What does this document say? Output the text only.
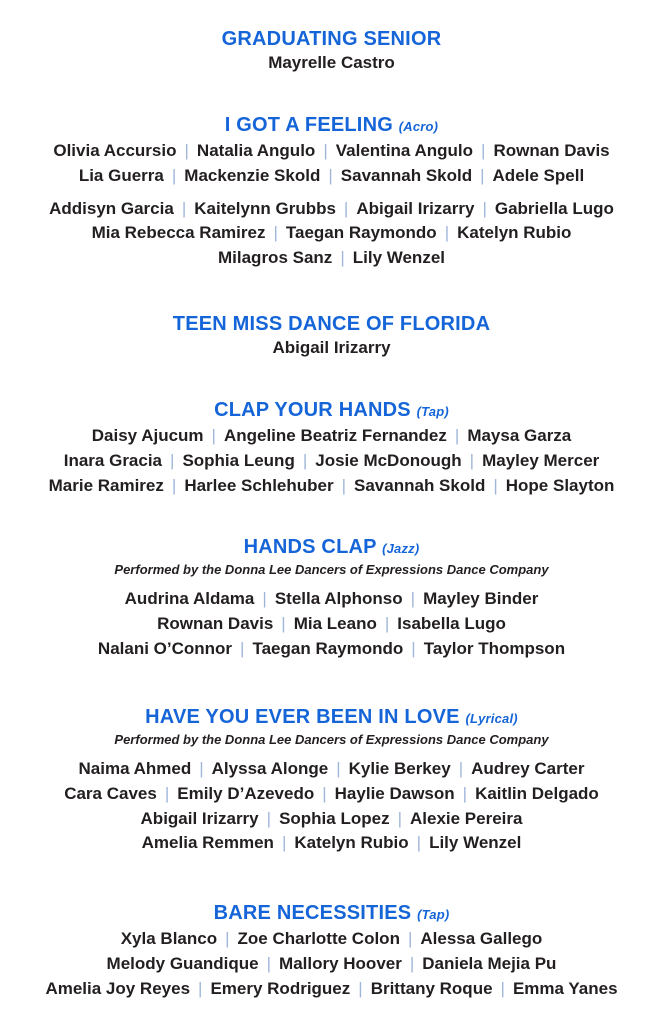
GRADUATING SENIOR
Mayrelle Castro
I GOT A FEELING (Acro)
Olivia Accursio | Natalia Angulo | Valentina Angulo | Rownan Davis
Lia Guerra | Mackenzie Skold | Savannah Skold | Adele Spell
Addisyn Garcia | Kaitelynn Grubbs | Abigail Irizarry | Gabriella Lugo
Mia Rebecca Ramirez | Taegan Raymondo | Katelyn Rubio
Milagros Sanz | Lily Wenzel
TEEN MISS DANCE OF FLORIDA
Abigail Irizarry
CLAP YOUR HANDS (Tap)
Daisy Ajucum | Angeline Beatriz Fernandez | Maysa Garza
Inara Gracia | Sophia Leung | Josie McDonough | Mayley Mercer
Marie Ramirez | Harlee Schlehuber | Savannah Skold | Hope Slayton
HANDS CLAP (Jazz)
Performed by the Donna Lee Dancers of Expressions Dance Company
Audrina Aldama | Stella Alphonso | Mayley Binder
Rownan Davis | Mia Leano | Isabella Lugo
Nalani O’Connor | Taegan Raymondo | Taylor Thompson
HAVE YOU EVER BEEN IN LOVE (Lyrical)
Performed by the Donna Lee Dancers of Expressions Dance Company
Naima Ahmed | Alyssa Alonge | Kylie Berkey | Audrey Carter
Cara Caves | Emily D’Azevedo | Haylie Dawson | Kaitlin Delgado
Abigail Irizarry | Sophia Lopez | Alexie Pereira
Amelia Remmen | Katelyn Rubio | Lily Wenzel
BARE NECESSITIES (Tap)
Xyla Blanco | Zoe Charlotte Colon | Alessa Gallego
Melody Guandique | Mallory Hoover | Daniela Mejia Pu
Amelia Joy Reyes | Emery Rodriguez | Brittany Roque | Emma Yanes
